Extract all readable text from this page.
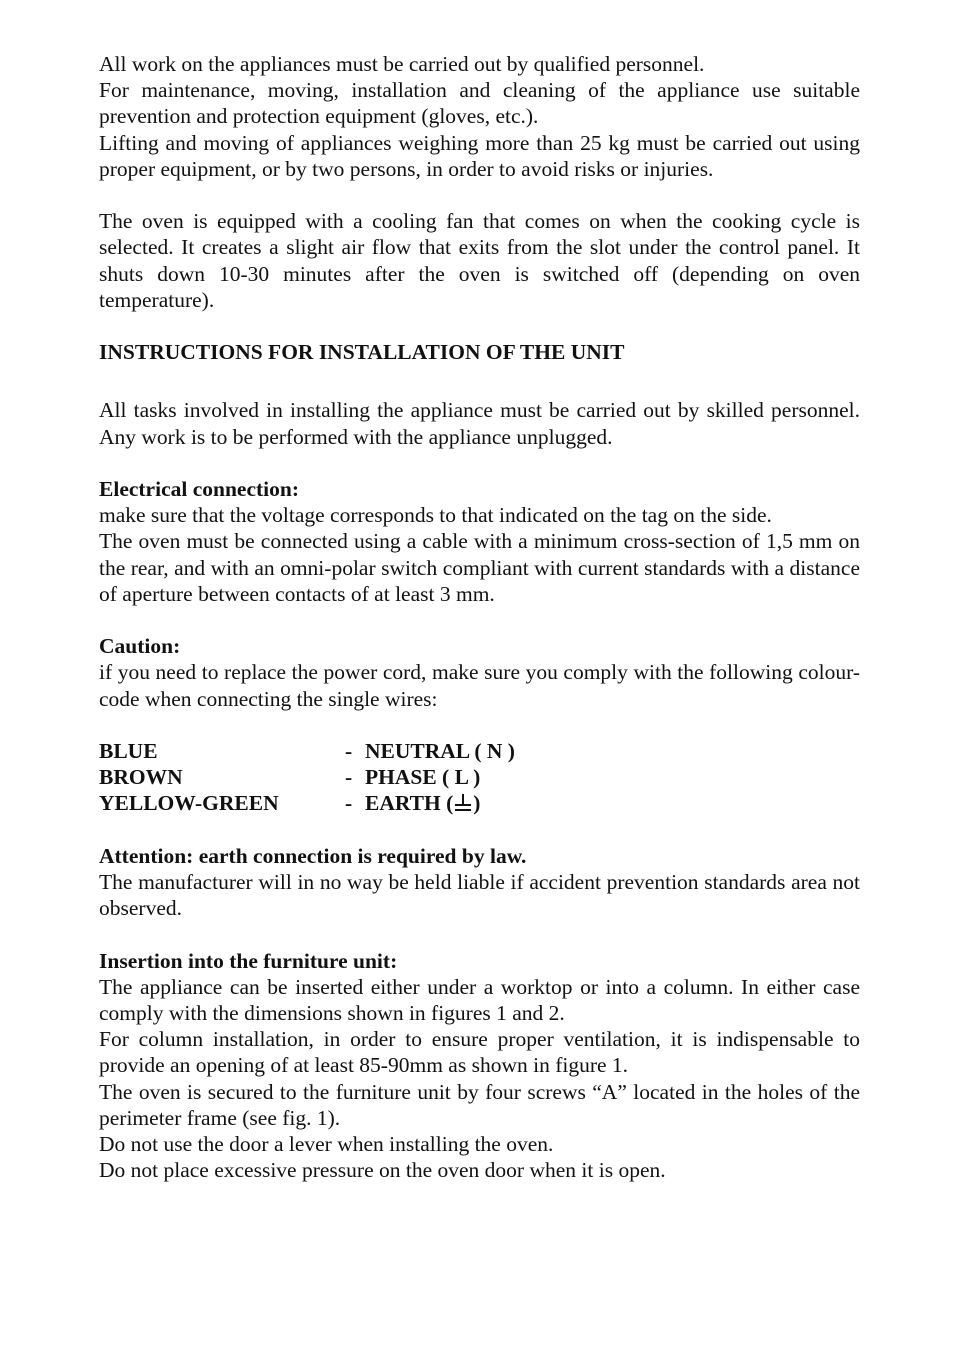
All work on the appliances must be carried out by qualified personnel.

For maintenance, moving, installation and cleaning of the appliance use suitable prevention and protection equipment (gloves, etc.).

Lifting and moving of appliances weighing more than 25 kg must be carried out using proper equipment, or by two persons, in order to avoid risks or injuries.

The oven is equipped with a cooling fan that comes on when the cooking cycle is selected. It creates a slight air flow that exits from the slot under the control panel. It shuts down 10-30 minutes after the oven is switched off (depending on oven temperature).

INSTRUCTIONS FOR INSTALLATION OF THE UNIT

All tasks involved in installing the appliance must be carried out by skilled personnel. Any work is to be performed with the appliance unplugged.

Electrical connection:

make sure that the voltage corresponds to that indicated on the tag on the side.

The oven must be connected using a cable with a minimum cross-section of 1,5 mm on the rear, and with an omni-polar switch compliant with current standards with a distance of aperture between contacts of at least 3 mm.

Caution:

if you need to replace the power cord, make sure you comply with the following colour-code when connecting the single wires:

BLUE	- NEUTRAL ( N )
BROWN	- PHASE ( L )
YELLOW-GREEN	- EARTH ( )

Attention: earth connection is required by law.

The manufacturer will in no way be held liable if accident prevention standards area not observed.

Insertion into the furniture unit:

The appliance can be inserted either under a worktop or into a column. In either case comply with the dimensions shown in figures 1 and 2.

For column installation, in order to ensure proper ventilation, it is indispensable to provide an opening of at least 85-90mm as shown in figure 1.

The oven is secured to the furniture unit by four screws “A” located in the holes of the perimeter frame (see fig. 1).

Do not use the door a lever when installing the oven.

Do not place excessive pressure on the oven door when it is open.
